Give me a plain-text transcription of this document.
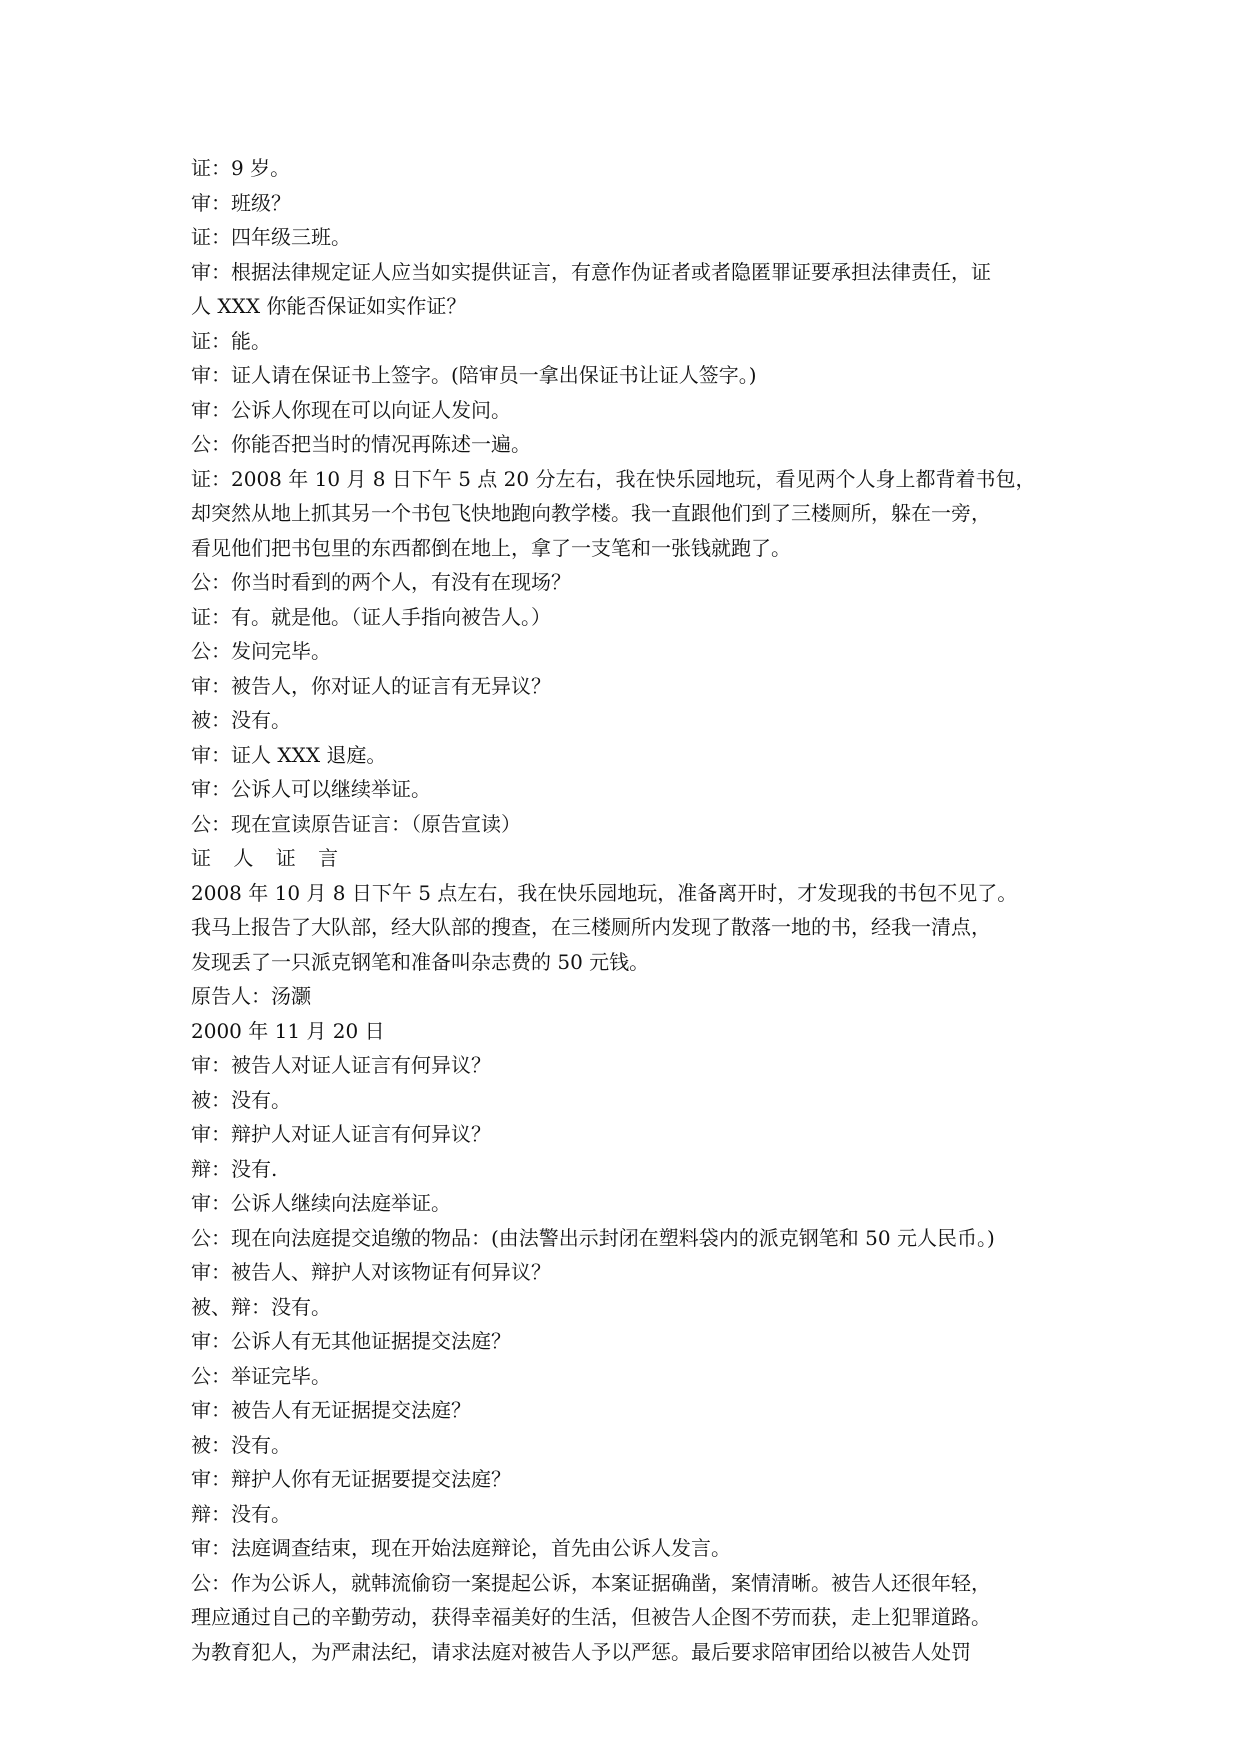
证：9 岁。
审：班级？
证：四年级三班。
审：根据法律规定证人应当如实提供证言，有意作伪证者或者隐匿罪证要承担法律责任，证
人 XXX 你能否保证如实作证？
证：能。
审：证人请在保证书上签字。(陪审员一拿出保证书让证人签字。)
审：公诉人你现在可以向证人发问。
公：你能否把当时的情况再陈述一遍。
证：2008 年 10 月 8 日下午 5 点 20 分左右，我在快乐园地玩，看见两个人身上都背着书包，
却突然从地上抓其另一个书包飞快地跑向教学楼。我一直跟他们到了三楼厕所，躲在一旁，
看见他们把书包里的东西都倒在地上，拿了一支笔和一张钱就跑了。
公：你当时看到的两个人，有没有在现场？
证：有。就是他。（证人手指向被告人。）
公：发问完毕。
审：被告人，你对证人的证言有无异议？
被：没有。
审：证人 XXX 退庭。
审：公诉人可以继续举证。
公：现在宣读原告证言：（原告宣读）
证 人 证 言
2008 年 10 月 8 日下午 5 点左右，我在快乐园地玩，准备离开时，才发现我的书包不见了。
我马上报告了大队部，经大队部的搜查，在三楼厕所内发现了散落一地的书，经我一清点，
发现丢了一只派克钢笔和准备叫杂志费的 50 元钱。
原告人：汤灏
2000 年 11 月 20 日
审：被告人对证人证言有何异议？
被：没有。
审：辩护人对证人证言有何异议？
辩：没有.
审：公诉人继续向法庭举证。
公：现在向法庭提交追缴的物品：(由法警出示封闭在塑料袋内的派克钢笔和 50 元人民币。)
审：被告人、辩护人对该物证有何异议？
被、辩：没有。
审：公诉人有无其他证据提交法庭？
公：举证完毕。
审：被告人有无证据提交法庭？
被：没有。
审：辩护人你有无证据要提交法庭？
辩：没有。
审：法庭调查结束，现在开始法庭辩论，首先由公诉人发言。
公：作为公诉人，就韩流偷窃一案提起公诉，本案证据确凿，案情清晰。被告人还很年轻，
理应通过自己的辛勤劳动，获得幸福美好的生活，但被告人企图不劳而获，走上犯罪道路。
为教育犯人，为严肃法纪，请求法庭对被告人予以严惩。最后要求陪审团给以被告人处罚
